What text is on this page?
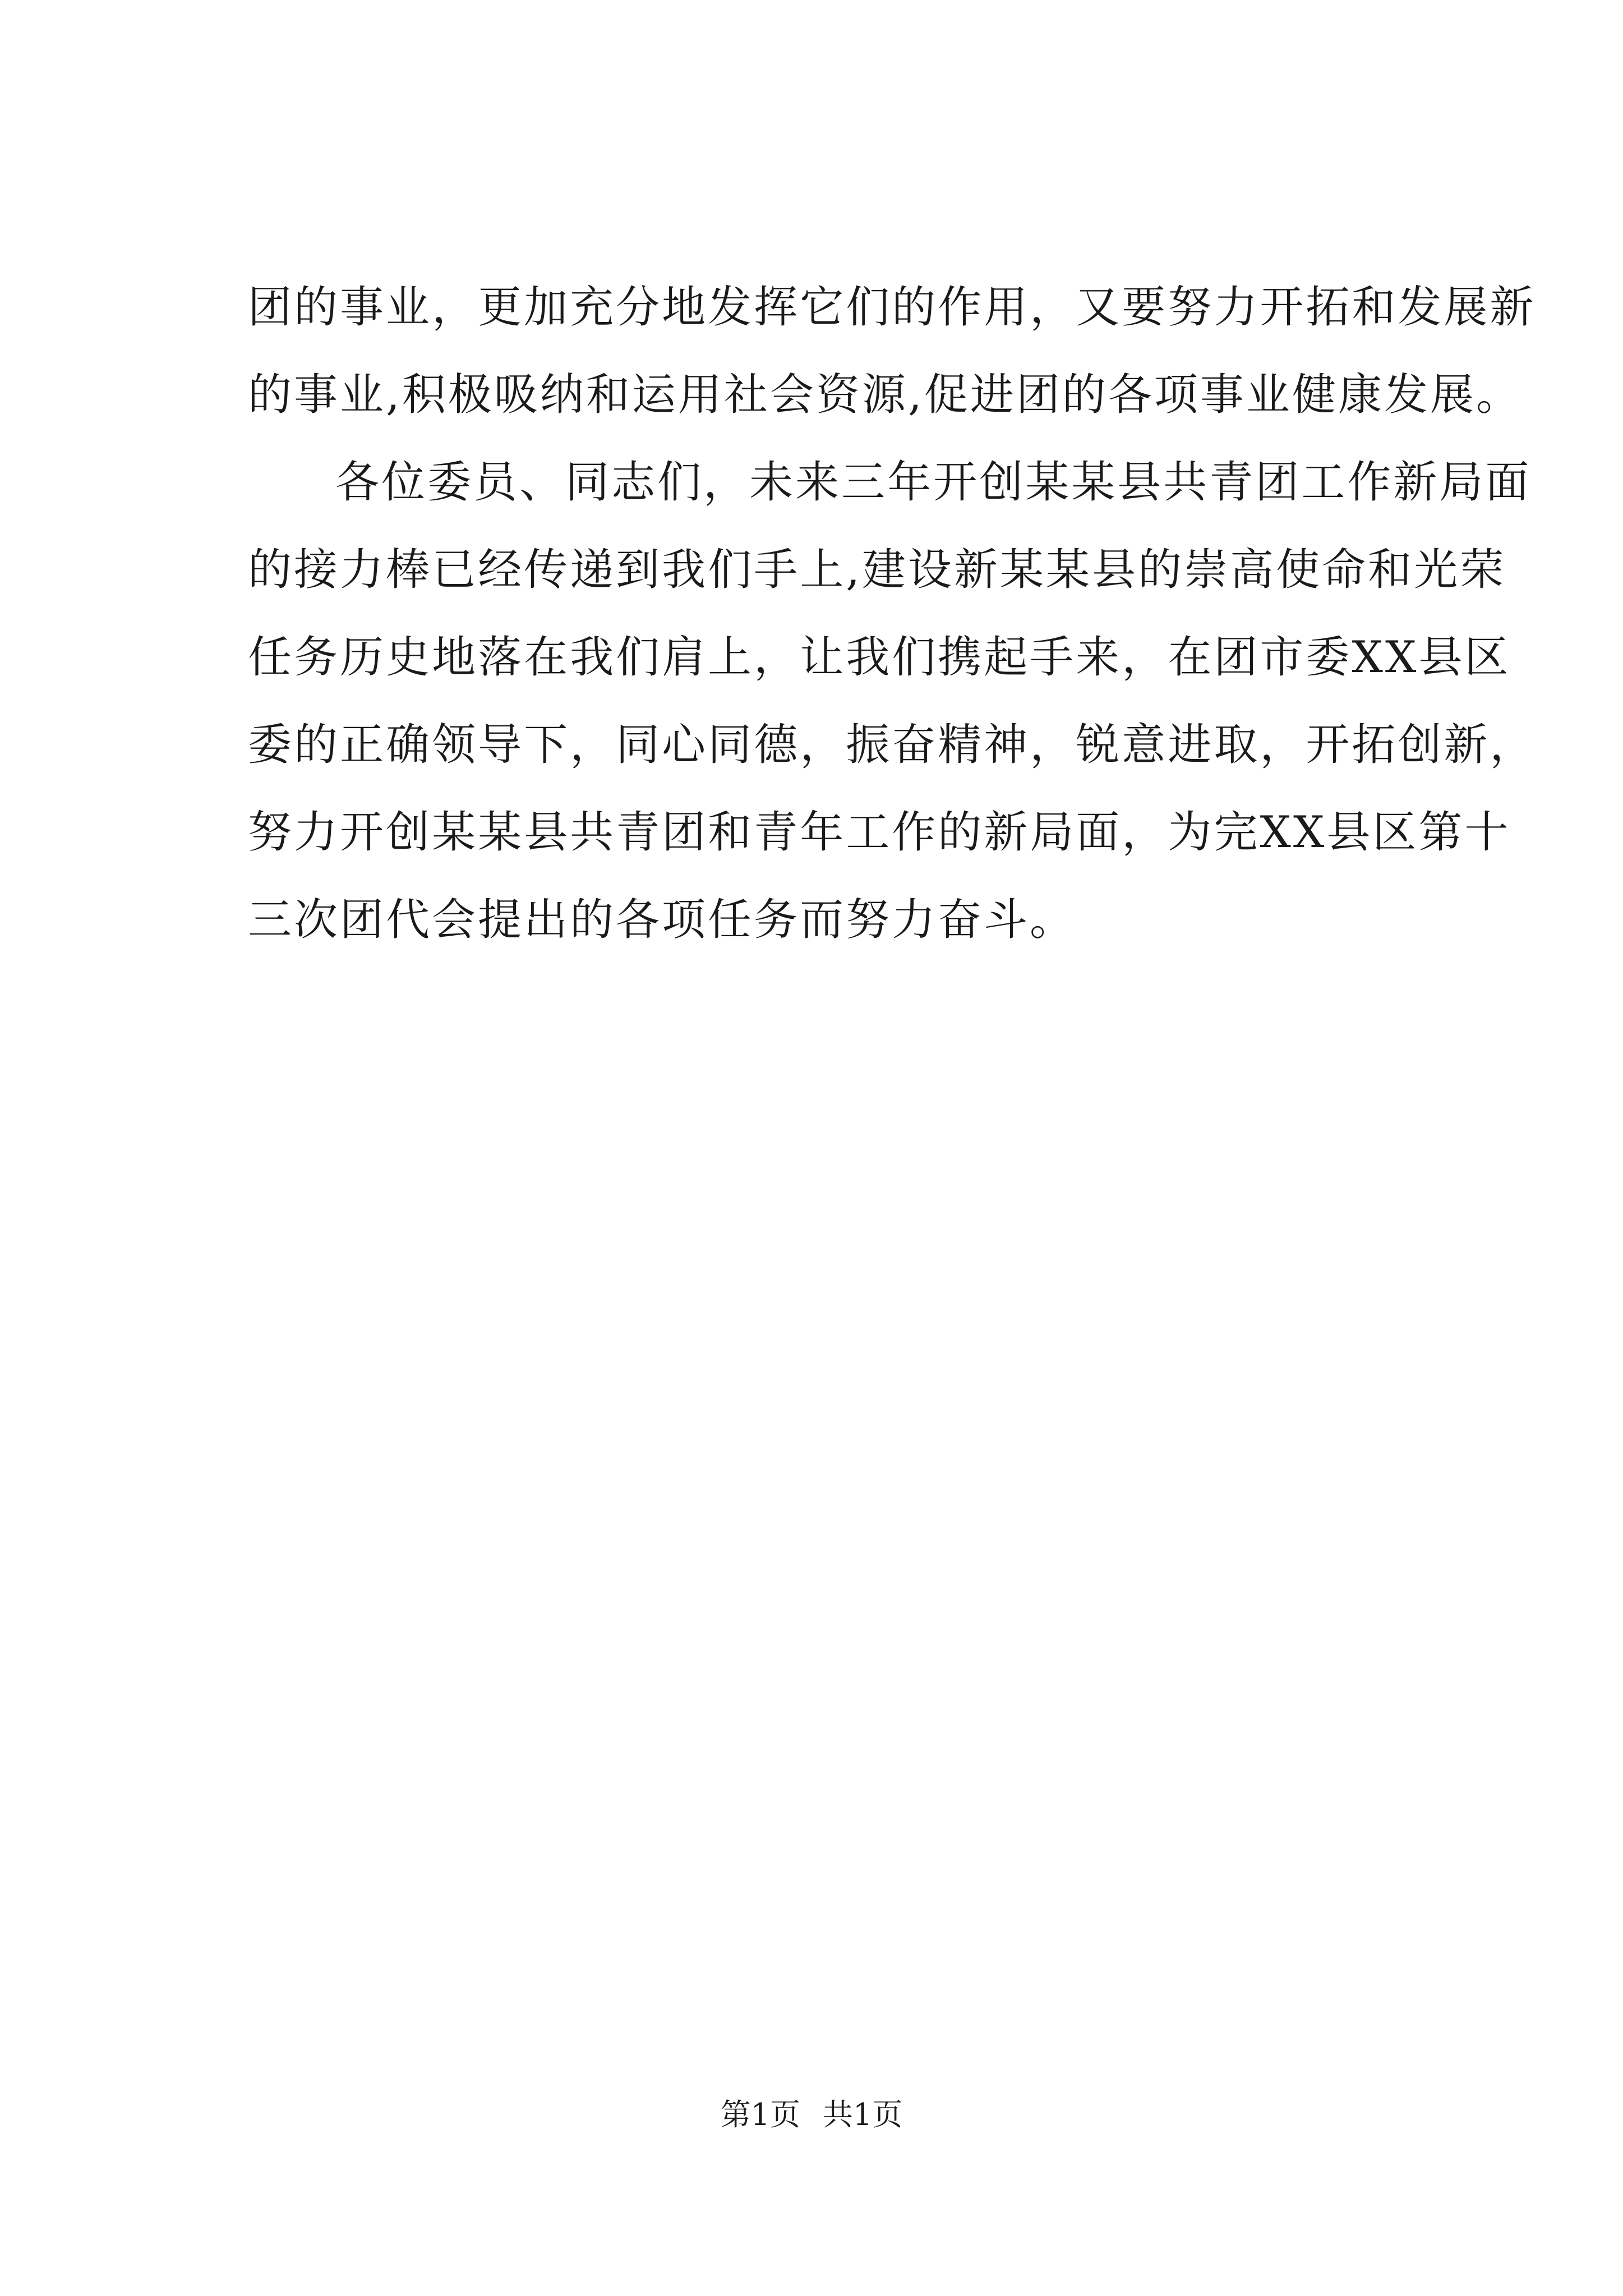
团 的 事 业 ， 更 加 充 分 地 发 挥 它 们 的 作 用 ， 又 要 努 力 开 拓 和 发 展 新
的 事 业 , 积 极 吸 纳 和 运 用 社 会 资 源 , 促 进 团 的 各 项 事 业 健 康 发 展 。
各 位 委 员 、 同 志 们 ， 未 来 三 年 开 创 某 某 县 共 青 团 工 作 新 局 面
的 接 力 棒 已 经 传 递 到 我 们 手 上 , 建 设 新 某 某 县 的 崇 高 使 命 和 光 荣
任 务 历 史 地 落 在 我 们 肩 上 ， 让 我 们 携 起 手 来 ， 在 团 市 委 X X 县 区
委 的 正 确 领 导 下 ， 同 心 同 德 ， 振 奋 精 神 ， 锐 意 进 取 ， 开 拓 创 新 ，
努 力 开 创 某 某 县 共 青 团 和 青 年 工 作 的 新 局 面 ， 为 完 X X 县 区 第 十
三次团代会提出的各项任务而努力奋斗。
第1页 共1页
